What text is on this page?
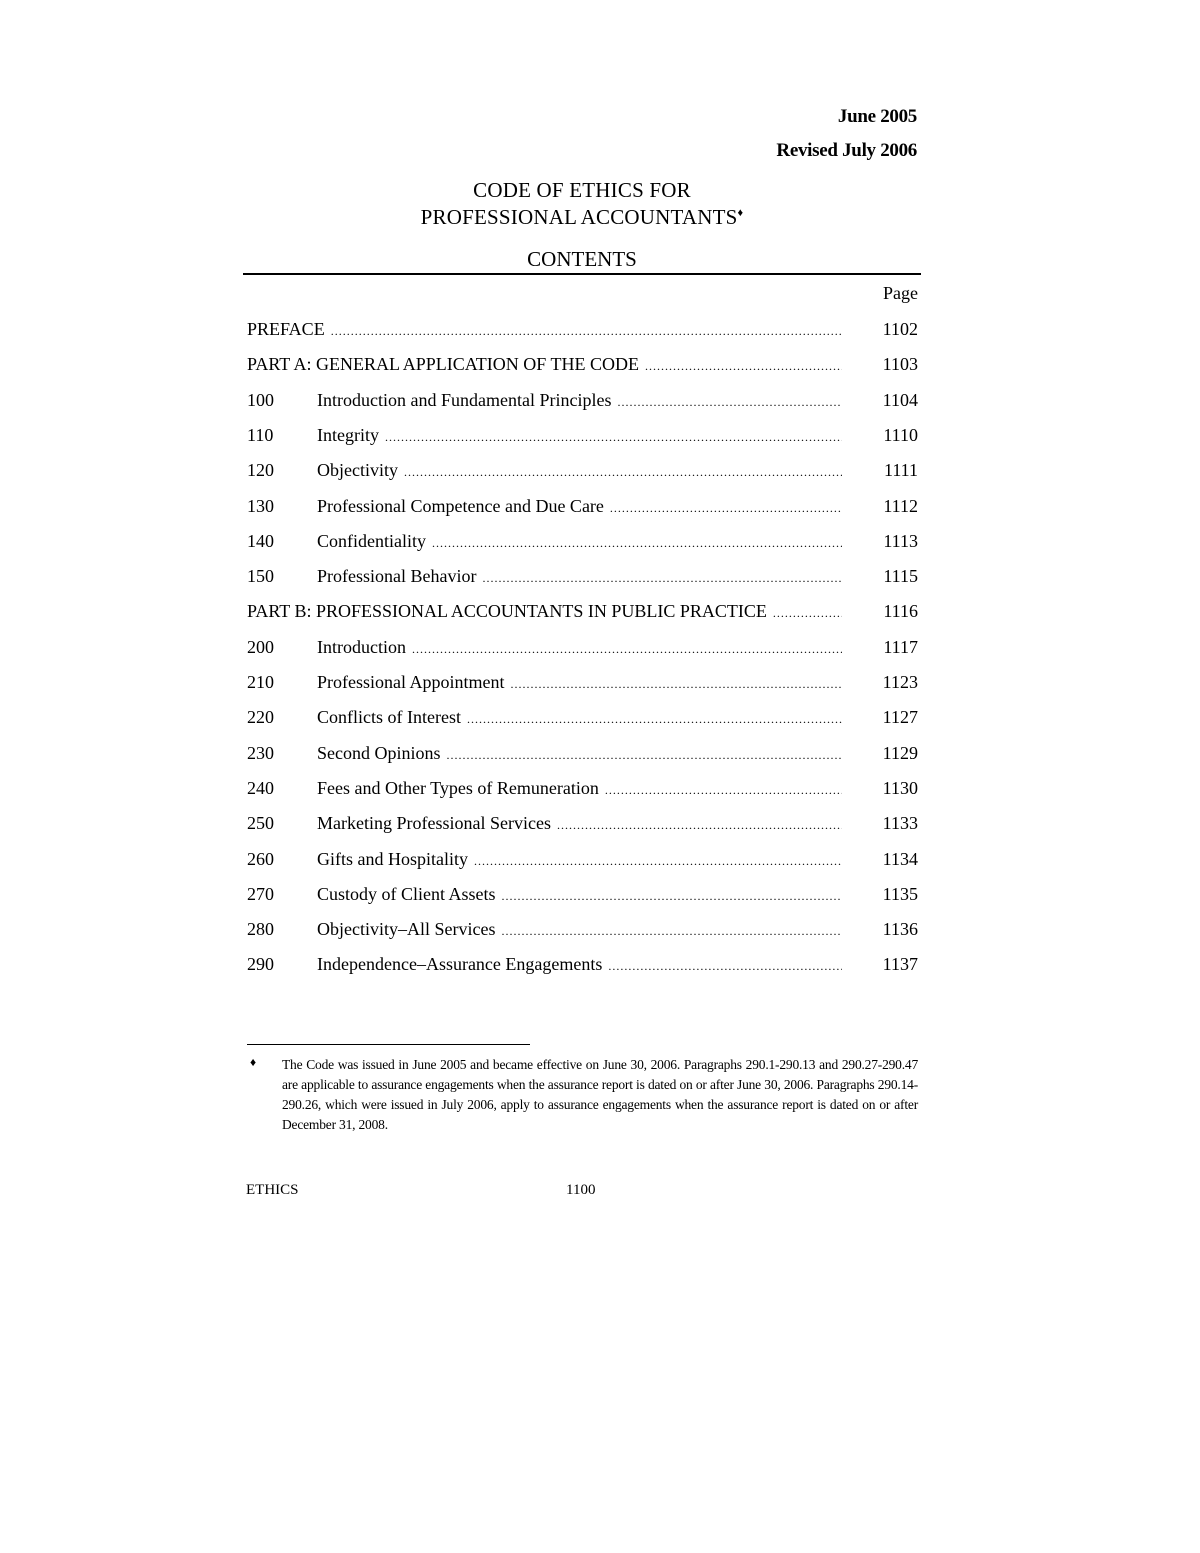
June 2005
Revised July 2006
CODE OF ETHICS FOR
PROFESSIONAL ACCOUNTANTS♦
CONTENTS
Page
PREFACE .....	1102
PART A: GENERAL APPLICATION OF THE CODE .....	1103
100	Introduction and Fundamental Principles .....	1104
110	Integrity .....	1110
120	Objectivity .....	1111
130	Professional Competence and Due Care .....	1112
140	Confidentiality .....	1113
150	Professional Behavior .....	1115
PART B: PROFESSIONAL ACCOUNTANTS IN PUBLIC PRACTICE .....	1116
200	Introduction .....	1117
210	Professional Appointment .....	1123
220	Conflicts of Interest .....	1127
230	Second Opinions .....	1129
240	Fees and Other Types of Remuneration .....	1130
250	Marketing Professional Services .....	1133
260	Gifts and Hospitality .....	1134
270	Custody of Client Assets .....	1135
280	Objectivity–All Services .....	1136
290	Independence–Assurance Engagements .....	1137
♦ The Code was issued in June 2005 and became effective on June 30, 2006. Paragraphs 290.1-290.13 and 290.27-290.47 are applicable to assurance engagements when the assurance report is dated on or after June 30, 2006. Paragraphs 290.14-290.26, which were issued in July 2006, apply to assurance engagements when the assurance report is dated on or after December 31, 2008.
ETHICS	1100
